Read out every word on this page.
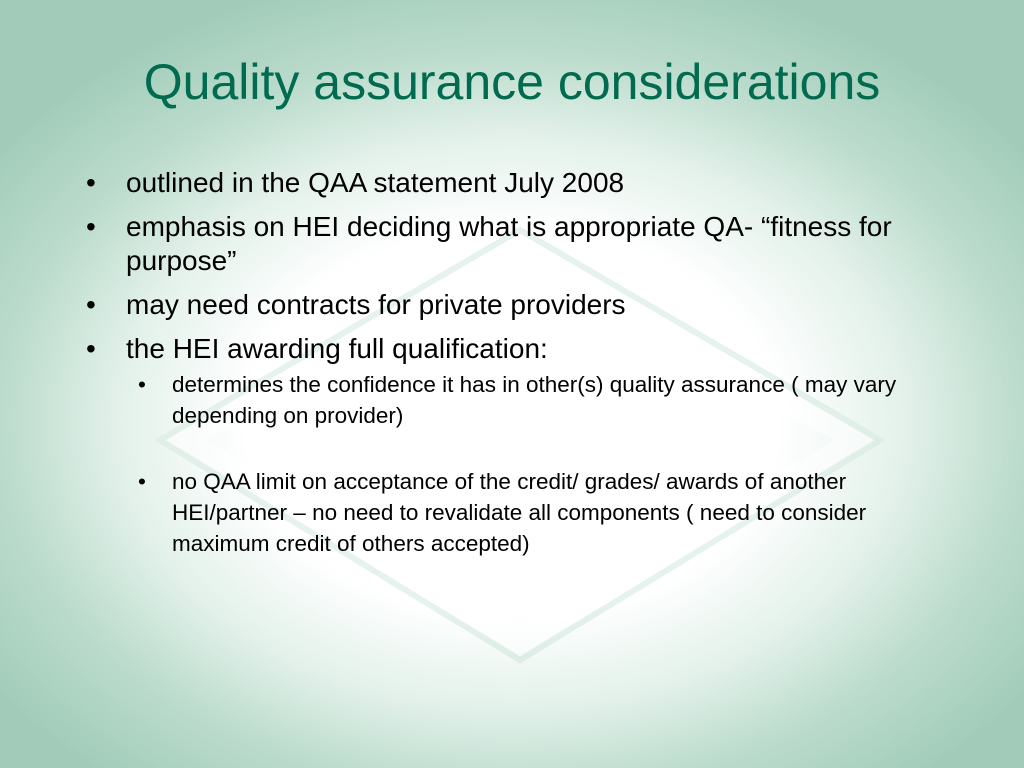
Quality assurance considerations
• outlined in the QAA statement July 2008
• emphasis on HEI deciding what is appropriate QA- “fitness for purpose”
• may need contracts for private providers
• the HEI awarding full qualification:
• determines the confidence it has in other(s) quality assurance ( may vary depending on provider)
• no QAA limit on acceptance of the credit/ grades/ awards of another HEI/partner – no need to revalidate all components ( need to consider maximum credit of others accepted)
